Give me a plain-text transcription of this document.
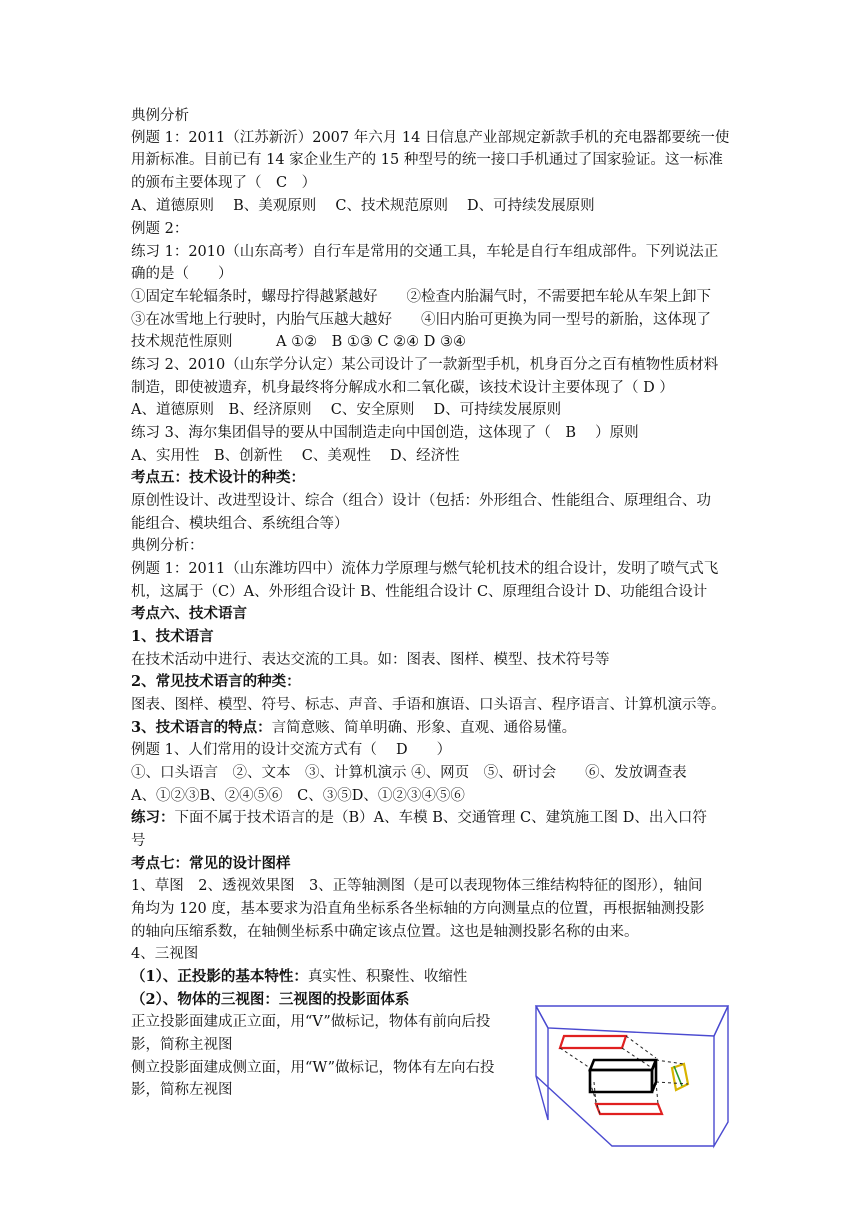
典例分析
例题 1：2011（江苏新沂）2007 年六月 14 日信息产业部规定新款手机的充电器都要统一使
用新标准。目前已有 14 家企业生产的 15 种型号的统一接口手机通过了国家验证。这一标准
的颁布主要体现了（　C　）
A、道德原则　 B、美观原则　 C、技术规范原则　 D、可持续发展原则
例题 2：
练习 1：2010（山东高考）自行车是常用的交通工具，车轮是自行车组成部件。下列说法正
确的是（　　）
①固定车轮辐条时，螺母拧得越紧越好　　②检查内胎漏气时，不需要把车轮从车架上卸下
③在冰雪地上行驶时，内胎气压越大越好　　④旧内胎可更换为同一型号的新胎，这体现了
技术规范性原则　　　A ①②　B ①③ C ②④ D ③④
练习 2、2010（山东学分认定）某公司设计了一款新型手机，机身百分之百有植物性质材料
制造，即使被遗弃，机身最终将分解成水和二氧化碳，该技术设计主要体现了（ D ）
A、道德原则　B、经济原则　 C、安全原则　 D、可持续发展原则
练习 3、海尔集团倡导的要从中国制造走向中国创造，这体现了（　B　 ）原则
A、实用性　B、创新性　 C、美观性　 D、经济性
考点五：技术设计的种类：
原创性设计、改进型设计、综合（组合）设计（包括：外形组合、性能组合、原理组合、功
能组合、模块组合、系统组合等）
典例分析：
例题 1：2011（山东潍坊四中）流体力学原理与燃气轮机技术的组合设计，发明了喷气式飞
机，这属于（C）A、外形组合设计 B、性能组合设计 C、原理组合设计 D、功能组合设计
考点六、技术语言
1、技术语言
在技术活动中进行、表达交流的工具。如：图表、图样、模型、技术符号等
2、常见技术语言的种类：
图表、图样、模型、符号、标志、声音、手语和旗语、口头语言、程序语言、计算机演示等。
3、技术语言的特点：言简意赅、简单明确、形象、直观、通俗易懂。
例题 1、人们常用的设计交流方式有（　 D　　）
①、口头语言　②、文本　③、计算机演示 ④、网页　⑤、研讨会　　⑥、发放调查表
A、①②③B、②④⑤⑥　C、③⑤D、①②③④⑤⑥
练习：下面不属于技术语言的是（B）A、车模 B、交通管理 C、建筑施工图 D、出入口符
号
考点七：常见的设计图样
1、草图　2、透视效果图　3、正等轴测图（是可以表现物体三维结构特征的图形），轴间
角均为 120 度，基本要求为沿直角坐标系各坐标轴的方向测量点的位置，再根据轴测投影
的轴向压缩系数，在轴侧坐标系中确定该点位置。这也是轴测投影名称的由来。
4、三视图
（1）、正投影的基本特性：真实性、积聚性、收缩性
（2）、物体的三视图：三视图的投影面体系
正立投影面建成正立面，用“V”做标记，物体有前向后投
影，简称主视图
侧立投影面建成侧立面，用“W”做标记，物体有左向右投
影，简称左视图
